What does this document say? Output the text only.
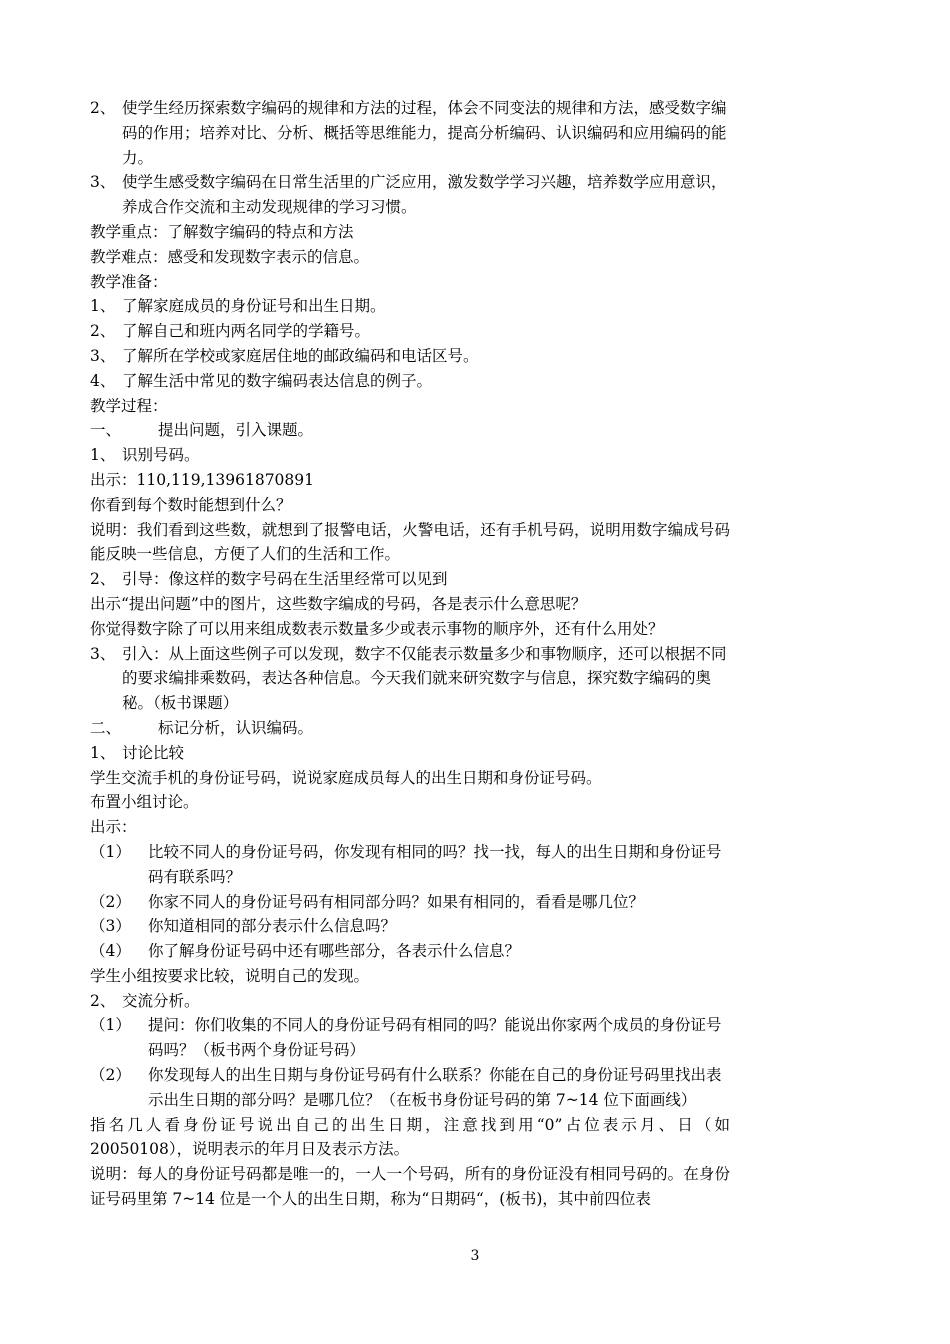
2、 使学生经历探索数字编码的规律和方法的过程，体会不同变法的规律和方法，感受数字编码的作用；培养对比、分析、概括等思维能力，提高分析编码、认识编码和应用编码的能力。
3、 使学生感受数字编码在日常生活里的广泛应用，激发数学学习兴趣，培养数学应用意识，养成合作交流和主动发现规律的学习习惯。

教学重点：了解数字编码的特点和方法

教学难点：感受和发现数字表示的信息。

教学准备：

1、 了解家庭成员的身份证号和出生日期。
2、 了解自己和班内两名同学的学籍号。
3、 了解所在学校或家庭居住地的邮政编码和电话区号。
4、 了解生活中常见的数字编码表达信息的例子。

教学过程：

一、	提出问题，引入课题。
1、 识别号码。

出示：110,119,13961870891

你看到每个数时能想到什么？

说明：我们看到这些数，就想到了报警电话，火警电话，还有手机号码，说明用数字编成号码能反映一些信息，方便了人们的生活和工作。

2、 引导：像这样的数字号码在生活里经常可以见到

出示“提出问题”中的图片，这些数字编成的号码，各是表示什么意思呢？

你觉得数字除了可以用来组成数表示数量多少或表示事物的顺序外，还有什么用处？

3、 引入：从上面这些例子可以发现，数字不仅能表示数量多少和事物顺序，还可以根据不同的要求编排乘数码，表达各种信息。今天我们就来研究数字与信息，探究数字编码的奥秘。（板书课题）
二、	标记分析，认识编码。
1、 讨论比较

学生交流手机的身份证号码，说说家庭成员每人的出生日期和身份证号码。

布置小组讨论。

出示：

（1）	比较不同人的身份证号码，你发现有相同的吗？找一找，每人的出生日期和身份证号码有联系吗？
（2）	你家不同人的身份证号码有相同部分吗？如果有相同的，看看是哪几位？
（3）	你知道相同的部分表示什么信息吗？
（4）	你了解身份证号码中还有哪些部分，各表示什么信息？

学生小组按要求比较，说明自己的发现。

2、 交流分析。
（1）	提问：你们收集的不同人的身份证号码有相同的吗？能说出你家两个成员的身份证号码吗？（板书两个身份证号码）
（2）	你发现每人的出生日期与身份证号码有什么联系？你能在自己的身份证号码里找出表示出生日期的部分吗？是哪几位？（在板书身份证号码的第 7~14 位下面画线）

指名几人看身份证号说出自己的出生日期，注意找到用“0”占位表示月、日（如 20050108），说明表示的年月日及表示方法。

说明：每人的身份证号码都是唯一的，一人一个号码，所有的身份证没有相同号码的。在身份证号码里第 7~14 位是一个人的出生日期，称为“日期码“，(板书)，其中前四位表

3
